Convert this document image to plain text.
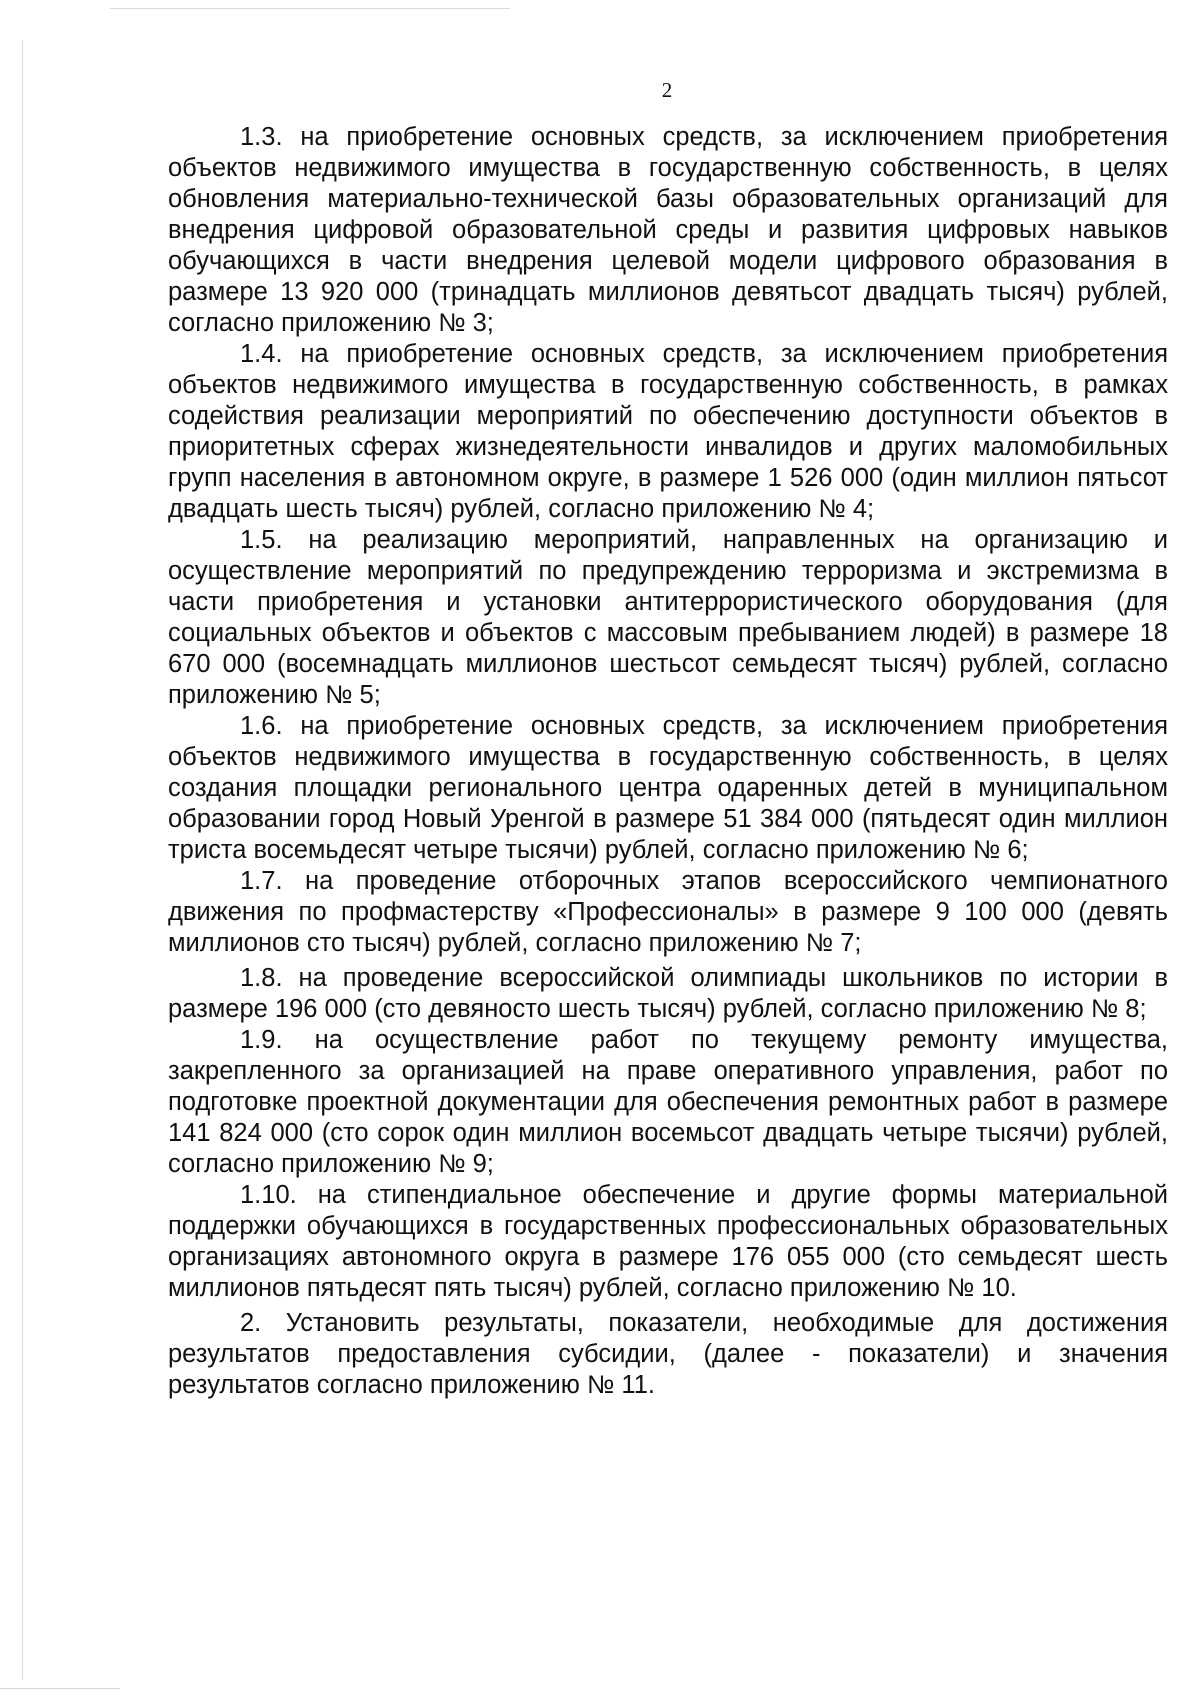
2

1.3. на приобретение основных средств, за исключением приобретения объектов недвижимого имущества в государственную собственность, в целях обновления материально-технической базы образовательных организаций для внедрения цифровой образовательной среды и развития цифровых навыков обучающихся в части внедрения целевой модели цифрового образования в размере 13 920 000 (тринадцать миллионов девятьсот двадцать тысяч) рублей, согласно приложению № 3;

1.4. на приобретение основных средств, за исключением приобретения объектов недвижимого имущества в государственную собственность, в рамках содействия реализации мероприятий по обеспечению доступности объектов в приоритетных сферах жизнедеятельности инвалидов и других маломобильных групп населения в автономном округе, в размере 1 526 000 (один миллион пятьсот двадцать шесть тысяч) рублей, согласно приложению № 4;

1.5. на реализацию мероприятий, направленных на организацию и осуществление мероприятий по предупреждению терроризма и экстремизма в части приобретения и установки антитеррористического оборудования (для социальных объектов и объектов с массовым пребыванием людей) в размере 18 670 000 (восемнадцать миллионов шестьсот семьдесят тысяч) рублей, согласно приложению № 5;

1.6. на приобретение основных средств, за исключением приобретения объектов недвижимого имущества в государственную собственность, в целях создания площадки регионального центра одаренных детей в муниципальном образовании город Новый Уренгой в размере 51 384 000 (пятьдесят один миллион триста восемьдесят четыре тысячи) рублей, согласно приложению № 6;

1.7. на проведение отборочных этапов всероссийского чемпионатного движения по профмастерству «Профессионалы» в размере 9 100 000 (девять миллионов сто тысяч) рублей, согласно приложению № 7;

1.8. на проведение всероссийской олимпиады школьников по истории в размере 196 000 (сто девяносто шесть тысяч) рублей, согласно приложению № 8;

1.9. на осуществление работ по текущему ремонту имущества, закрепленного за организацией на праве оперативного управления, работ по подготовке проектной документации для обеспечения ремонтных работ в размере 141 824 000 (сто сорок один миллион восемьсот двадцать четыре тысячи) рублей, согласно приложению № 9;

1.10. на стипендиальное обеспечение и другие формы материальной поддержки обучающихся в государственных профессиональных образовательных организациях автономного округа в размере 176 055 000 (сто семьдесят шесть миллионов пятьдесят пять тысяч) рублей, согласно приложению № 10.

2. Установить результаты, показатели, необходимые для достижения результатов предоставления субсидии, (далее - показатели) и значения результатов согласно приложению № 11.
